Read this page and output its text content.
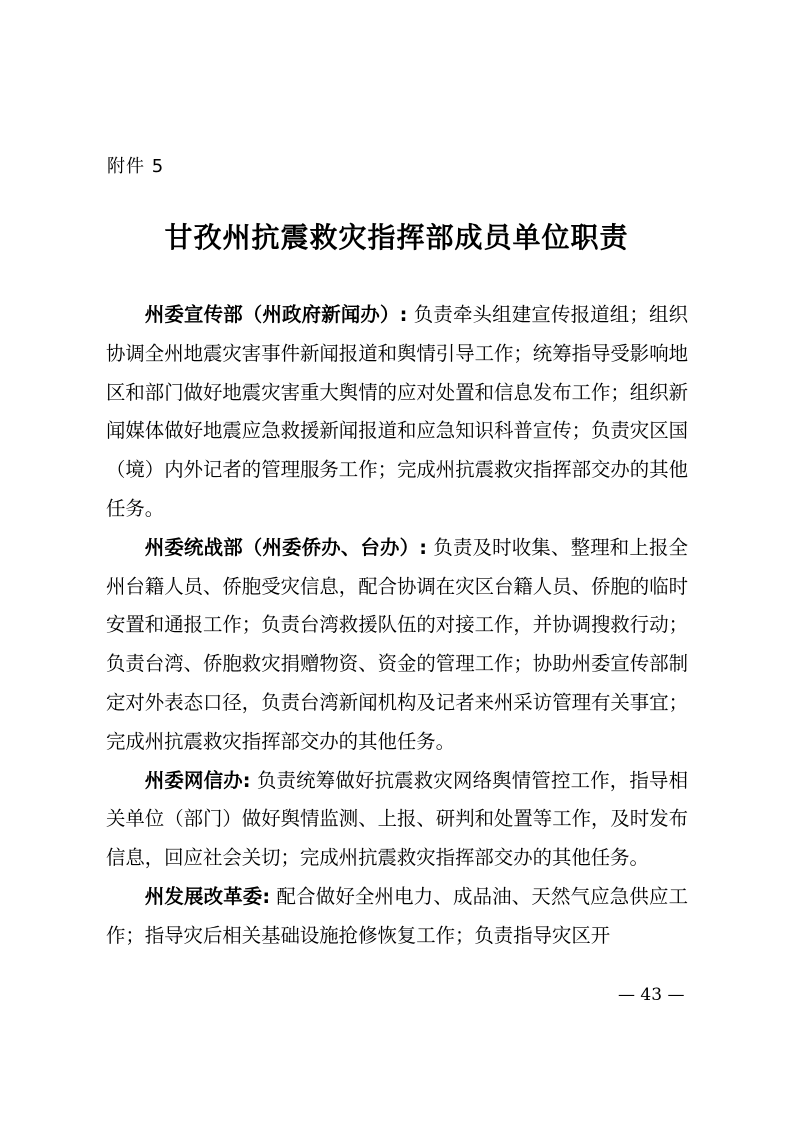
附件 5
甘孜州抗震救灾指挥部成员单位职责

州委宣传部（州政府新闻办）: 负责牵头组建宣传报道组；组织协调全州地震灾害事件新闻报道和舆情引导工作；统筹指导受影响地区和部门做好地震灾害重大舆情的应对处置和信息发布工作；组织新闻媒体做好地震应急救援新闻报道和应急知识科普宣传；负责灾区国（境）内外记者的管理服务工作；完成州抗震救灾指挥部交办的其他任务。

州委统战部（州委侨办、台办）: 负责及时收集、整理和上报全州台籍人员、侨胞受灾信息，配合协调在灾区台籍人员、侨胞的临时安置和通报工作；负责台湾救援队伍的对接工作，并协调搜救行动；负责台湾、侨胞救灾捐赠物资、资金的管理工作；协助州委宣传部制定对外表态口径，负责台湾新闻机构及记者来州采访管理有关事宜；完成州抗震救灾指挥部交办的其他任务。

州委网信办: 负责统筹做好抗震救灾网络舆情管控工作，指导相关单位（部门）做好舆情监测、上报、研判和处置等工作，及时发布信息，回应社会关切；完成州抗震救灾指挥部交办的其他任务。

州发展改革委: 配合做好全州电力、成品油、天然气应急供应工作；指导灾后相关基础设施抢修恢复工作；负责指导灾区开

— 43 —
